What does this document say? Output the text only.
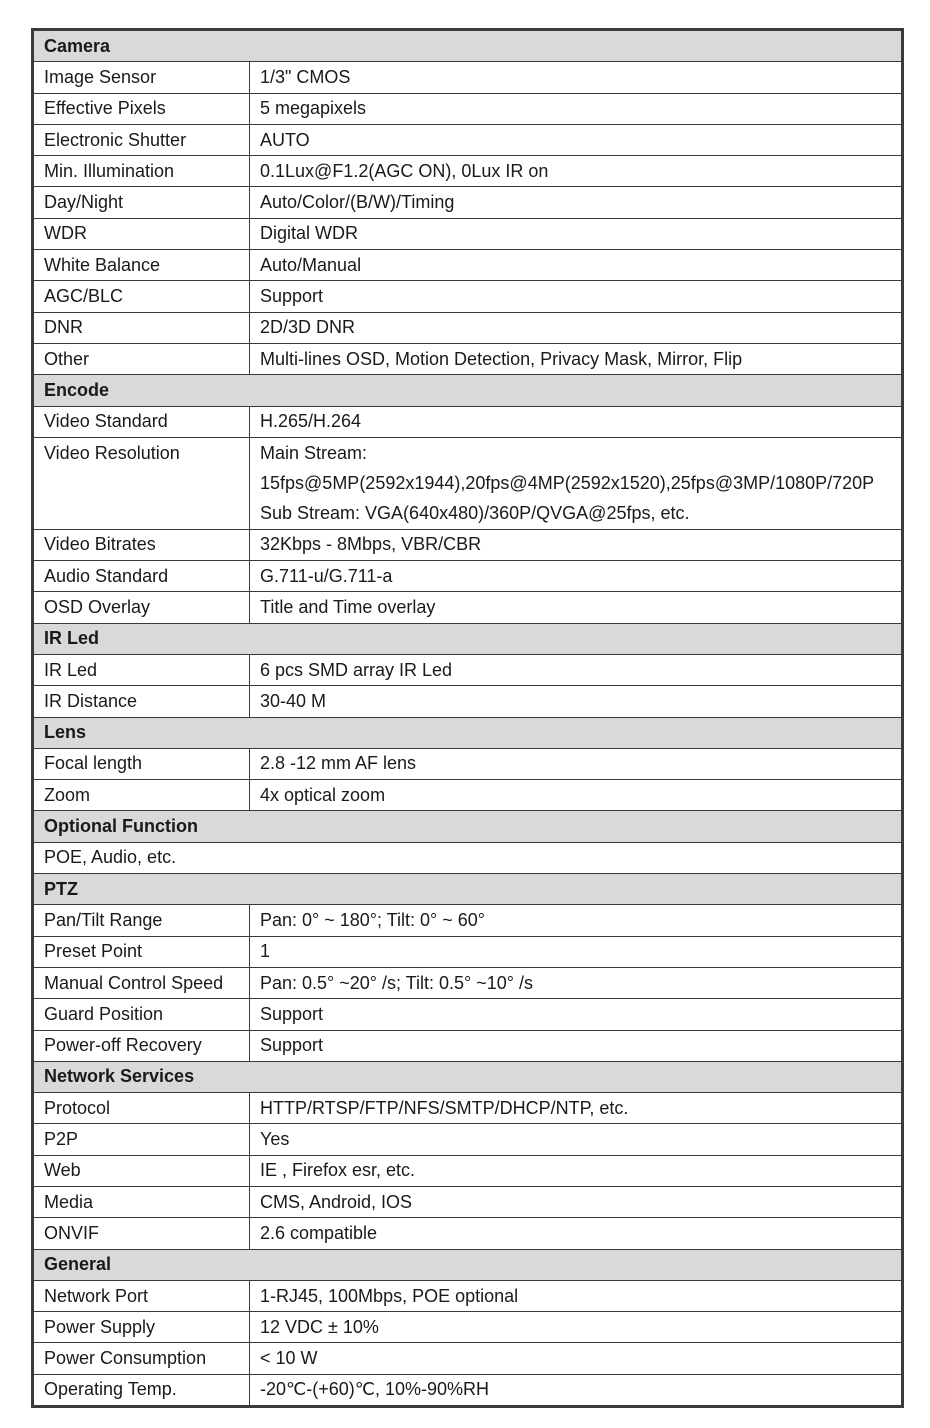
Camera	
Image Sensor	1/3" CMOS
Effective Pixels	5 megapixels
Electronic Shutter	AUTO
Min. Illumination	0.1Lux@F1.2(AGC ON), 0Lux IR on
Day/Night	Auto/Color/(B/W)/Timing
WDR	Digital WDR
White Balance	Auto/Manual
AGC/BLC	Support
DNR	2D/3D DNR
Other	Multi-lines OSD, Motion Detection, Privacy Mask, Mirror, Flip
Encode	
Video Standard	H.265/H.264
Video Resolution	Main Stream:
15fps@5MP(2592x1944),20fps@4MP(2592x1520),25fps@3MP/1080P/720P
Sub Stream: VGA(640x480)/360P/QVGA@25fps, etc.

Video Bitrates	32Kbps - 8Mbps, VBR/CBR
Audio Standard	G.711-u/G.711-a
OSD Overlay	Title and Time overlay
IR Led	
IR Led	6 pcs SMD array IR Led
IR Distance	30-40 M
Lens	
Focal length	2.8 -12 mm AF lens
Zoom	4x optical zoom
Optional Function	
POE, Audio, etc.	
PTZ	
Pan/Tilt Range	Pan: 0° ~ 180°; Tilt: 0° ~ 60°
Preset Point	1
Manual Control Speed	Pan: 0.5° ~20° /s; Tilt: 0.5° ~10° /s
Guard Position	Support
Power-off Recovery	Support
Network Services	
Protocol	HTTP/RTSP/FTP/NFS/SMTP/DHCP/NTP, etc.
P2P	Yes
Web	IE , Firefox esr, etc.
Media	CMS, Android, IOS
ONVIF	2.6 compatible
General	
Network Port	1-RJ45, 100Mbps, POE optional
Power Supply	12 VDC ± 10%
Power Consumption	< 10 W
Operating Temp.	-20℃-(+60)℃, 10%-90%RH
